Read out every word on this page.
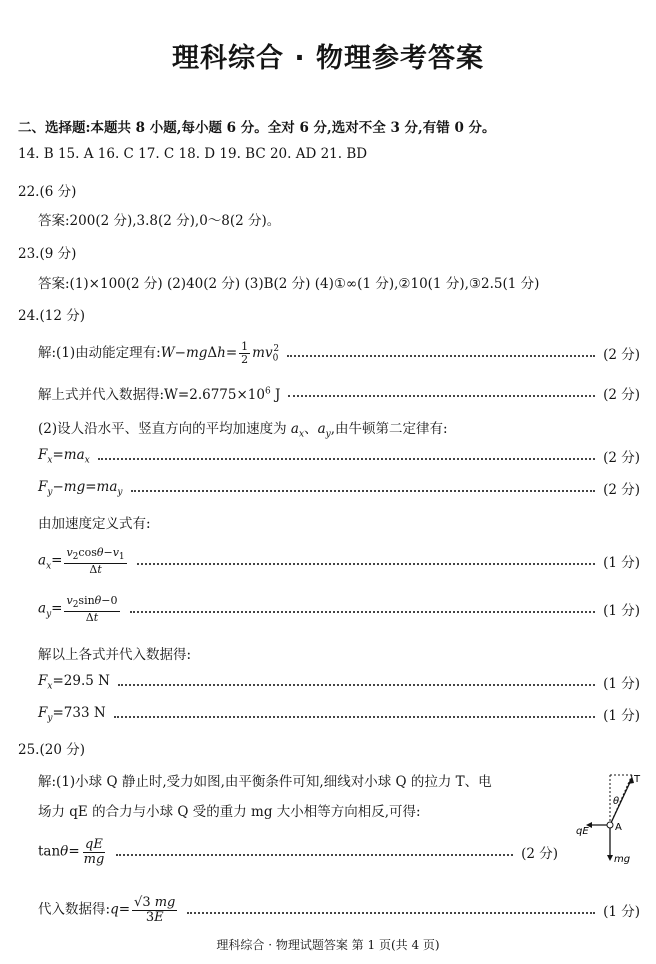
理科综合 · 物理参考答案
二、选择题:本题共 8 小题,每小题 6 分。全对 6 分,选对不全 3 分,有错 0 分。
14. B 15. A 16. C 17. C 18. D 19. BC 20. AD 21. BD
22.(6 分)
答案:200(2 分),3.8(2 分),0～8(2 分)。
23.(9 分)
答案:(1)×100(2 分) (2)40(2 分) (3)B(2 分) (4)①∞(1 分),②10(1 分),③2.5(1 分)
24.(12 分)
解:(1)由动能定理有:W−mgΔh= $\frac{1}{2} mv_0^2$	(2 分)
解上式并代入数据得$:W=2.6775\times 10^6$ J	(2 分)
(2)设人沿水平、竖直方向的平均加速度为 $a_x$、$a_y$,由牛顿第二定律有:
$F_x=ma_x$	(2 分)
$F_y-mg=ma_y$	(2 分)
由加速度定义式有:
$a_x= \frac{v_2\cos\theta-v_1}{\Delta t}$	(1 分)
$a_y= \frac{v_2\sin\theta-0}{\Delta t}$	(1 分)
解以上各式并代入数据得:
$F_x=29.5$ N	(1 分)
$F_y=733$ N	(1 分)
25.(20 分)
解:(1)小球 Q 静止时,受力如图,由平衡条件可知,细线对小球 Q 的拉力 T、电
场力 qE 的合力与小球 Q 受的重力 mg 大小相等方向相反,可得:
$\tan\theta= \frac{qE}{mg}$	(2 分)
代入数据得:q= $\frac{√3 mg}{3E}$	(1 分)
T
θ
qE	A
mg
理科综合 · 物理试题答案 第 1 页(共 4 页)
